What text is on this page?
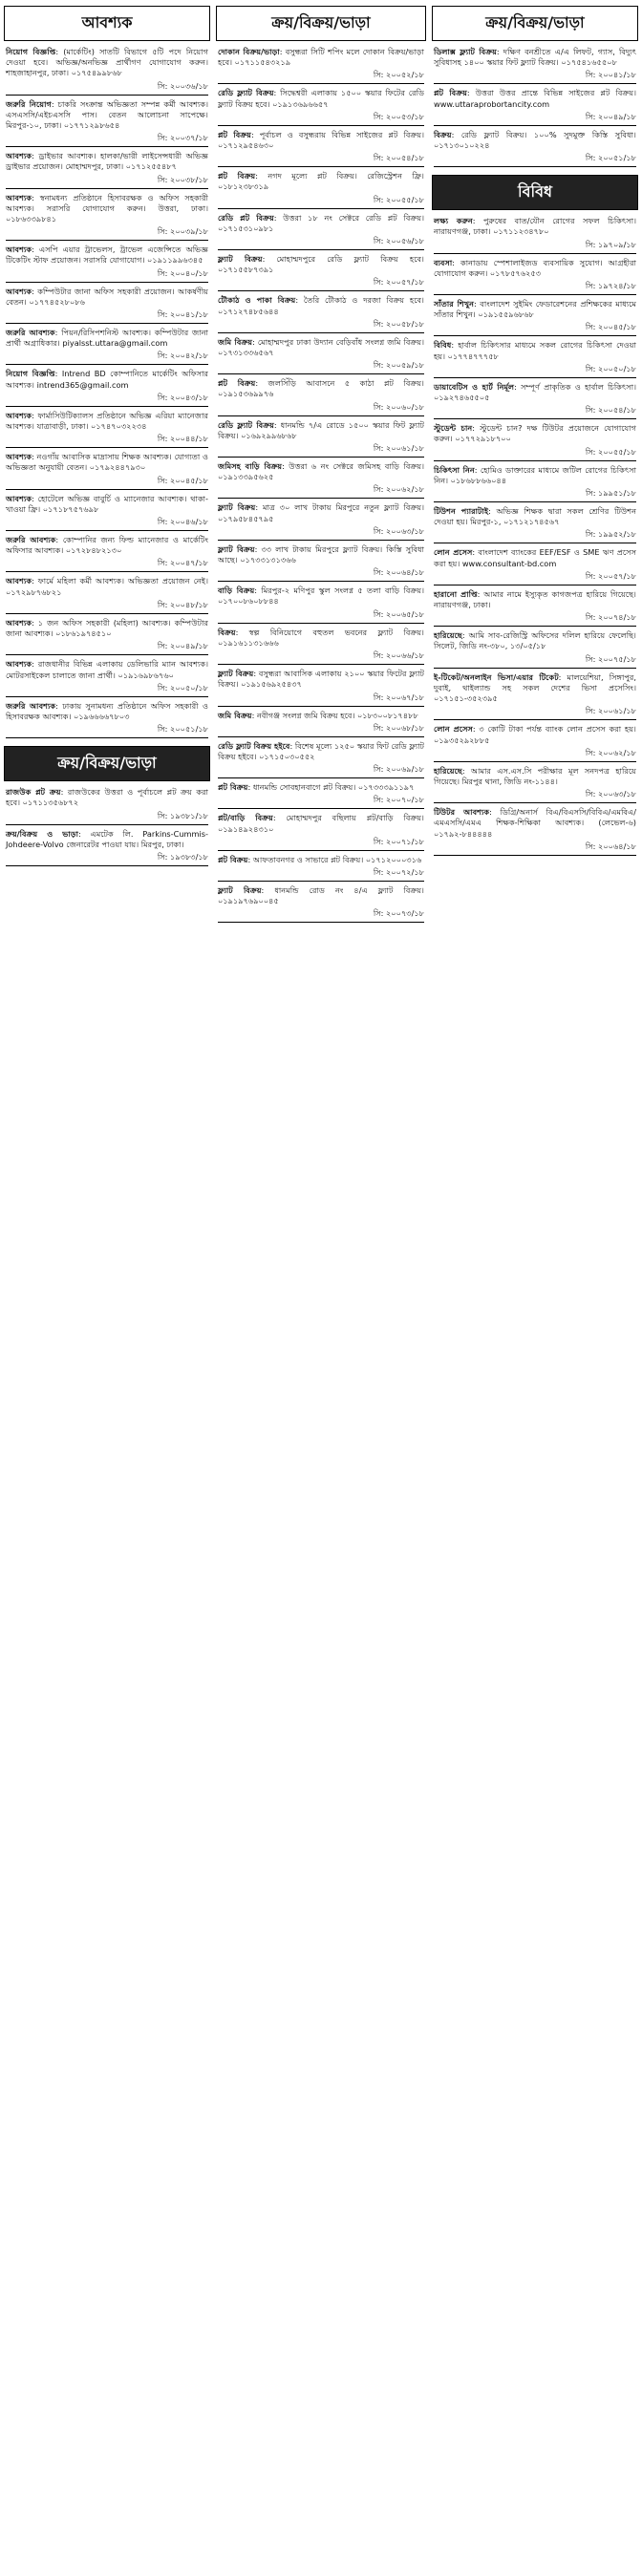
আবশ্যক
নিয়োগ বিজ্ঞপ্তি: (মার্কেটিং) সাতটি বিভাগে ৫টি পদে নিয়োগ দেওয়া হবে। অভিজ্ঞ/অনভিজ্ঞ প্রার্থীগণ যোগাযোগ করুন। শাহজাহানপুর, ঢাকা। ০১৭৫৪৯৯৮৬৮
সি: ২০০৩৬/১৮
জরুরি নিয়োগ: চাকরি সংক্রান্ত অভিজ্ঞতা সম্পন্ন কর্মী আবশ্যক। এসএসসি/এইচএসসি পাস। বেতন আলোচনা সাপেক্ষে। মিরপুর-১০, ঢাকা। ০১৭৭১২৯৮৬৫৪
সি: ২০০৩৭/১৮
আবশ্যক: ড্রাইভার আবশ্যক। হালকা/ভারী লাইসেন্সধারী অভিজ্ঞ ড্রাইভার প্রয়োজন। মোহাম্মদপুর, ঢাকা। ০১৭১২৫৫৪৮৭
সি: ২০০৩৮/১৮
আবশ্যক: স্বনামধন্য প্রতিষ্ঠানে হিসাবরক্ষক ও অফিস সহকারী আবশ্যক। সরাসরি যোগাযোগ করুন। উত্তরা, ঢাকা। ০১৮৬৩৩৯৮৪১
সি: ২০০৩৯/১৮
আবশ্যক: এসপি এয়ার ট্রাভেলস, ট্রাভেল এজেন্সিতে অভিজ্ঞ টিকেটিং স্টাফ প্রয়োজন। সরাসরি যোগাযোগ। ০১৯১১৯৯৬৩৪৫
সি: ২০০৪০/১৮
আবশ্যক: কম্পিউটার জানা অফিস সহকারী প্রয়োজন। আকর্ষণীয় বেতন। ০১৭৭৪৫২৮০৮৬
সি: ২০০৪১/১৮
জরুরি আবশ্যক: পিয়ন/রিসিপশনিস্ট আবশ্যক। কম্পিউটার জানা প্রার্থী অগ্রাধিকার। piyalsst.uttara@gmail.com
সি: ২০০৪২/১৮
নিয়োগ বিজ্ঞপ্তি: Intrend BD কোম্পানিতে মার্কেটিং অফিসার আবশ্যক। intrend365@gmail.com
সি: ২০০৪৩/১৮
আবশ্যক: ফার্মাসিউটিক্যালস প্রতিষ্ঠানে অভিজ্ঞ এরিয়া ম্যানেজার আবশ্যক। যাত্রাবাড়ী, ঢাকা। ০১৭৪৭০৩২২৩৪
সি: ২০০৪৪/১৮
আবশ্যক: নওগাঁয় আবাসিক মাদ্রাসায় শিক্ষক আবশ্যক। যোগ্যতা ও অভিজ্ঞতা অনুযায়ী বেতন। ০১৭৯২৪৪৭৯৩০
সি: ২০০৪৫/১৮
আবশ্যক: হোটেলে অভিজ্ঞ বাবুর্চি ও ম্যানেজার আবশ্যক। থাকা-খাওয়া ফ্রি। ০১৭১৮৭৫৭৬৯৮
সি: ২০০৪৬/১৮
জরুরি আবশ্যক: কোম্পানির জন্য ফিল্ড ম্যানেজার ও মার্কেটিং অফিসার আবশ্যক। ০১৭২৮৪৮২১৩০
সি: ২০০৪৭/১৮
আবশ্যক: ফার্মে মহিলা কর্মী আবশ্যক। অভিজ্ঞতা প্রয়োজন নেই। ০১৭২৯৮৭৬৮২১
সি: ২০০৪৮/১৮
আবশ্যক: ১ জন অফিস সহকারী (মহিলা) আবশ্যক। কম্পিউটার জানা আবশ্যক। ০১৮৬১৯৭৪৫১০
সি: ২০০৪৯/১৮
আবশ্যক: রাজধানীর বিভিন্ন এলাকায় ডেলিভারি ম্যান আবশ্যক। মোটরসাইকেল চালাতে জানা প্রার্থী। ০১৯১৬৯৮৬৭৬০
সি: ২০০৫০/১৮
জরুরি আবশ্যক: ঢাকায় সুনামধন্য প্রতিষ্ঠানে অফিস সহকারী ও হিসাবরক্ষক আবশ্যক। ০১৯৬৬৬৬৭৮০৩
সি: ২০০৫১/১৮
ক্রয়/বিক্রয়/ভাড়া
রাজউক প্লট ক্রয়: রাজউকের উত্তরা ও পূর্বাচলে প্লট ক্রয় করা হবে। ০১৭১১৩৫৬৮৭২
সি: ১৯৩৮১/১৮
ক্রয়/বিক্রয় ও ভাড়া: এমটেক লি. Parkins-Cummis-Johdeere-Volvo জেনারেটর পাওয়া যায়। মিরপুর, ঢাকা।
সি: ১৯৩৮৩/১৮
ক্রয়/বিক্রয়/ভাড়া
দোকান বিক্রয়/ভাড়া: বসুন্ধরা সিটি শপিং মলে দোকান বিক্রয়/ভাড়া হবে। ০১৭১১৫৪৩২১৯
সি: ২০০৫২/১৮
রেডি ফ্ল্যাট বিক্রয়: সিদ্ধেশ্বরী এলাকায় ১৫০০ স্কয়ার ফিটের রেডি ফ্ল্যাট বিক্রয় হবে। ০১৯১৩৬৯৬৬৫৭
সি: ২০০৫৩/১৮
প্লট বিক্রয়: পূর্বাচল ও বসুন্ধরায় বিভিন্ন সাইজের প্লট বিক্রয়। ০১৭১২৯৫৪৬৩০
সি: ২০০৫৪/১৮
প্লট বিক্রয়: নগদ মূল্যে প্লট বিক্রয়। রেজিস্ট্রেশন ফ্রি। ০১৮১২৩৮৩১৯
সি: ২০০৫৫/১৮
রেডি প্লট বিক্রয়: উত্তরা ১৮ নং সেক্টরে রেডি প্লট বিক্রয়। ০১৭১৫৩১০৯৮১
সি: ২০০৫৬/১৮
ফ্ল্যাট বিক্রয়: মোহাম্মদপুরে রেডি ফ্ল্যাট বিক্রয় হবে। ০১৭১৫৫৮৭৩৯১
সি: ২০০৫৭/১৮
টৌকাঠ ও পাকা বিক্রয়: তৈরি টৌকাঠ ও দরজা বিক্রয় হবে। ০১৭১২৭৪৮৫৬৪৪
সি: ২০০৫৮/১৮
জমি বিক্রয়: মোহাম্মদপুর ঢাকা উদ্যান বেড়িবাঁধ সংলগ্ন জমি বিক্রয়। ০১৭৩১৩৩৬৫৬৭
সি: ২০০৫৯/১৮
প্লট বিক্রয়: জলসিঁড়ি আবাসনে ৫ কাঠা প্লট বিক্রয়। ০১৯১৫৩৬৯৯৭৬
সি: ২০০৬০/১৮
রেডি ফ্ল্যাট বিক্রয়: ধানমন্ডি ৭/এ রোডে ১৫০০ স্কয়ার ফিট ফ্ল্যাট বিক্রয়। ০১৬৯২৯৯৬৮৬৮
সি: ২০০৬১/১৮
জমিসহ বাড়ি বিক্রয়: উত্তরা ৬ নং সেক্টরে জমিসহ বাড়ি বিক্রয়। ০১৯১৩৩৯৫৬২৫
সি: ২০০৬২/১৮
ফ্ল্যাট বিক্রয়: মাত্র ৩০ লাখ টাকায় মিরপুরে নতুন ফ্ল্যাট বিক্রয়। ০১৭৯৫৮৪৫৭৯৫
সি: ২০০৬৩/১৮
ফ্ল্যাট বিক্রয়: ৩৩ লাখ টাকায় মিরপুরে ফ্ল্যাট বিক্রয়। কিস্তি সুবিধা আছে। ০১৭৩৩১৩১৩৬৬
সি: ২০০৬৪/১৮
বাড়ি বিক্রয়: মিরপুর-২ মণিপুর স্কুল সংলগ্ন ৫ তলা বাড়ি বিক্রয়। ০১৭০০৮৬০৮৮৪৪
সি: ২০০৬৫/১৮
বিক্রয়: স্বল্প বিনিয়োগে বহুতল ভবনের ফ্ল্যাট বিক্রয়। ০১৯১৬১১৩১৬৬৬
সি: ২০০৬৬/১৮
ফ্ল্যাট বিক্রয়: বসুন্ধরা আবাসিক এলাকায় ২১০০ স্কয়ার ফিটের ফ্ল্যাট বিক্রয়। ০১৯১৫৬৯২৫৪৩৭
সি: ২০০৬৭/১৮
জমি বিক্রয়: নবীগঞ্জ সংলগ্ন জমি বিক্রয় হবে। ০১৮৩০০৮১৭৪৮৮
সি: ২০০৬৮/১৮
রেডি ফ্ল্যাট বিক্রয় হইবে: বিশেষ মূল্যে ১২৫০ স্কয়ার ফিট রেডি ফ্ল্যাট বিক্রয় হইবে। ০১৭১৫০৩০৫৫২
সি: ২০০৬৯/১৮
প্লট বিক্রয়: ধানমন্ডি সোবহানবাগে প্লট বিক্রয়। ০১৭৩৩৩৯১১৯৭
সি: ২০০৭০/১৮
প্লট/বাড়ি বিক্রয়: মোহাম্মদপুর বছিলায় প্লট/বাড়ি বিক্রয়। ০১৯১৪৯২৪৩১০
সি: ২০০৭১/১৮
প্লট বিক্রয়: আফতাবনগর ও সাভারে প্লট বিক্রয়। ০১৭১২০০০৩১৬
সি: ২০০৭২/১৮
ফ্ল্যাট বিক্রয়: ধানমন্ডি রোড নং ৪/এ ফ্ল্যাট বিক্রয়। ০১৯১৯৭৬৯০০৪৫
সি: ২০০৭৩/১৮
ক্রয়/বিক্রয়/ভাড়া
ডিলাক্স ফ্ল্যাট বিক্রয়: দক্ষিণ বনশ্রীতে এ/এ লিফট, গ্যাস, বিদ্যুৎ সুবিধাসহ ১৪০০ স্কয়ার ফিট ফ্ল্যাট বিক্রয়। ০১৭৫৪১৬৫৫০৮
সি: ২০০৪১/১৮
প্লট বিক্রয়: উত্তরা উত্তর প্রান্তে বিভিন্ন সাইজের প্লট বিক্রয়। www.uttaraprobortancity.com
সি: ২০০৪৯/১৮
বিক্রয়: রেডি ফ্ল্যাট বিক্রয়। ১০০% সুদমুক্ত কিস্তি সুবিধা। ০১৭১৩০১০২২৪
সি: ২০০৫১/১৮
বিবিধ
লক্ষ্য করুন: পুরুষের বাত/যৌন রোগের সফল চিকিৎসা। নারায়ণগঞ্জ, ঢাকা। ০১৭১১২৩৪৭৮০
সি: ১৯৭০৯/১৮
ব্যবসা: কানাডায় স্পেশালাইজড ব্যবসায়িক সুযোগ। আগ্রহীরা যোগাযোগ করুন। ০১৭৮৫৭৬২৫৩
সি: ১৯৭২৪/১৮
সাঁতার শিখুন: বাংলাদেশ সুইমিং ফেডারেশনের প্রশিক্ষকের মাধ্যমে সাঁতার শিখুন। ০১৯১৫৫৯৬৮৬৮
সি: ২০০৪৫/১৮
বিবিধ: হার্বাল চিকিৎসার মাধ্যমে সকল রোগের চিকিৎসা দেওয়া হয়। ০১৭৭৪৭৭৭৫৮
সি: ২০০৫০/১৮
ডায়াবেটিস ও হার্ট নির্মূল: সম্পূর্ণ প্রাকৃতিক ও হার্বাল চিকিৎসা। ০১৯২৭৪৬৫৫০৫
সি: ২০০৫৪/১৮
স্টুডেন্ট চান: স্টুডেন্ট চান? দক্ষ টিউটর প্রয়োজনে যোগাযোগ করুন। ০১৭৭২৯১৮৭০০
সি: ২০০৫৫/১৮
চিকিৎসা নিন: হোমিও ডাক্তারের মাধ্যমে জটিল রোগের চিকিৎসা নিন। ০১৮৬৮৮৬৬০৪৪
সি: ১৯৯৫১/১৮
টিউশন প্যারাটাই: অভিজ্ঞ শিক্ষক দ্বারা সকল শ্রেণির টিউশন দেওয়া হয়। মিরপুর-১, ০১৭১২১৭৪৫৬৭
সি: ১৯৯৫২/১৮
লোন প্রসেস: বাংলাদেশ ব্যাংকের EEF/ESF ও SME ঋণ প্রসেস করা হয়। www.consultant-bd.com
সি: ২০০৫৭/১৮
হারানো প্রাপ্তি: আমার নামে ইস্যুকৃত কাগজপত্র হারিয়ে গিয়েছে। নারায়ণগঞ্জ, ঢাকা।
সি: ২০০৭৪/১৮
হারিয়েছে: আমি সাব-রেজিস্ট্রি অফিসের দলিল হারিয়ে ফেলেছি। সিলেট, জিডি নং-৩৮০, ১৩/০৫/১৮
সি: ২০০৭৫/১৮
ই-টিকেট/অনলাইন ভিসা/এয়ার টিকেট: মালয়েশিয়া, সিঙ্গাপুর, দুবাই, থাইল্যান্ড সহ সকল দেশের ভিসা প্রসেসিং। ০১৭১৫১-৩৫২৩৯৫
সি: ২০০৬১/১৮
লোন প্রসেস: ৩ কোটি টাকা পর্যন্ত ব্যাংক লোন প্রসেস করা হয়। ০১৯৩৫২৯২৮৮৫
সি: ২০০৬২/১৮
হারিয়েছে: আমার এস.এস.সি পরীক্ষার মূল সনদপত্র হারিয়ে গিয়েছে। মিরপুর থানা, জিডি নং-১১৪৪।
সি: ২০০৬৩/১৮
টিউটর আবশ্যক: ডিগ্রি/অনার্স বিএ/বিএসসি/বিবিএ/এমবিএ/এমএসসি/এমএ শিক্ষক-শিক্ষিকা আবশ্যক। (লেভেল-৬) ০১৭৯২-৮৪৪৪৪৪
সি: ২০০৬৪/১৮
